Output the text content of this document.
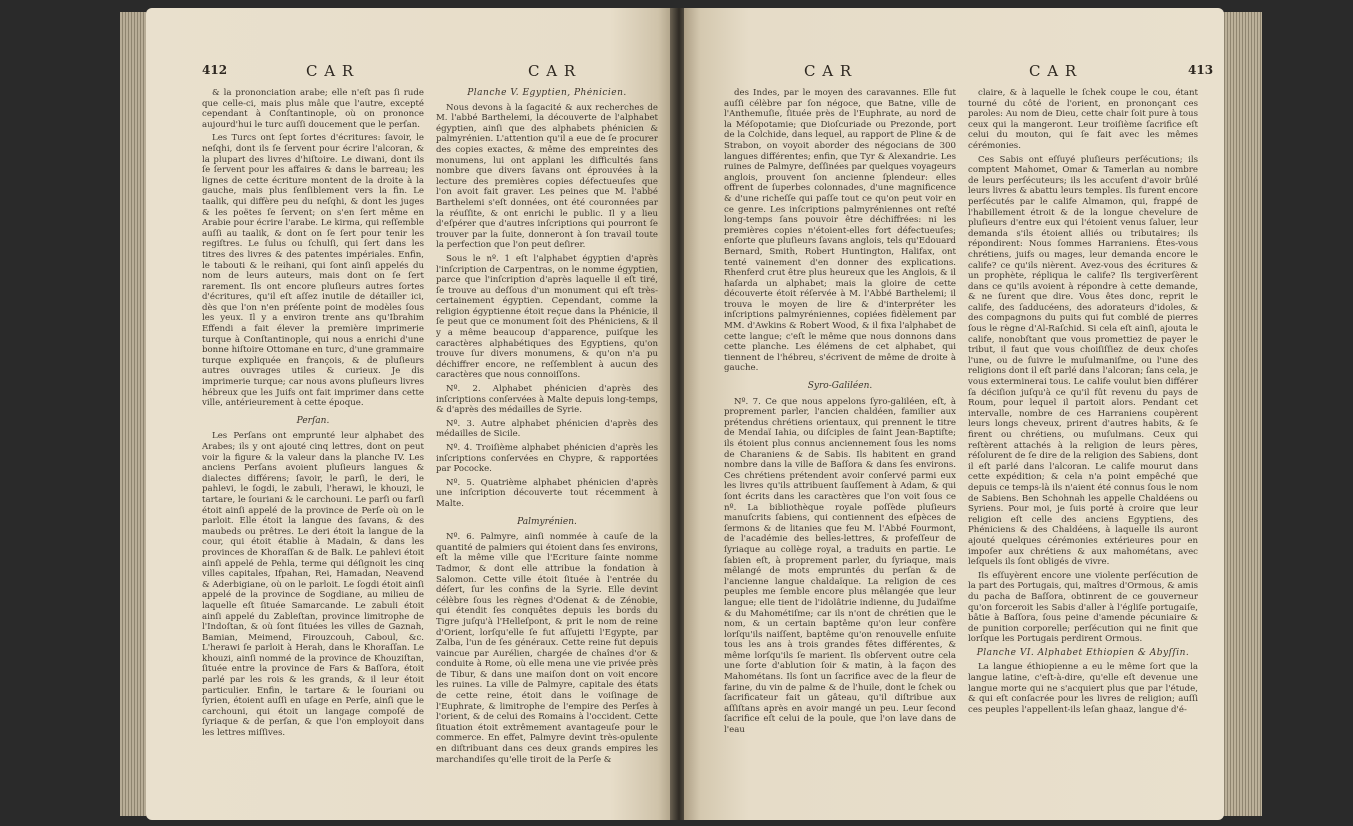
412	C A R	C A R

& la prononciation arabe; elle n'eſt pas ſi rude que celle-ci, mais plus mâle que l'autre, excepté cependant à Conſtantinople, où on prononce aujourd'hui le turc auſſi doucement que le perſan.

Les Turcs ont ſept ſortes d'écritures: ſavoir, le neſqhi, dont ils ſe ſervent pour écrire l'alcoran, & la plupart des livres d'hiſtoire. Le diwani, dont ils ſe ſervent pour les affaires & dans le barreau; les lignes de cette écriture montent de la droite à la gauche, mais plus ſenſiblement vers la fin. Le taalik, qui diffère peu du neſqhi, & dont les juges & les poëtes ſe ſervent; on s'en ſert même en Arabie pour écrire l'arabe. Le kirma, qui reſſemble auſſi au taalik, & dont on ſe ſert pour tenir les regiſtres. Le ſulus ou ſchulſi, qui ſert dans les titres des livres & des patentes impériales. Enfin, le tabouti & le reihani, qui ſont ainſi appelés du nom de leurs auteurs, mais dont on ſe ſert rarement. Ils ont encore pluſieurs autres ſortes d'écritures, qu'il eſt aſſez inutile de détailler ici, dès que l'on n'en préſente point de modèles ſous les yeux. Il y a environ trente ans qu'Ibrahim Effendi a fait élever la première imprimerie turque à Conſtantinople, qui nous a enrichi d'une bonne hiſtoire Ottomane en turc, d'une grammaire turque expliquée en françois, & de pluſieurs autres ouvrages utiles & curieux. Je dis imprimerie turque; car nous avons pluſieurs livres hébreux que les Juifs ont fait imprimer dans cette ville, antérieurement à cette époque.

Perſan.

Les Perſans ont emprunté leur alphabet des Arabes; ils y ont ajouté cinq lettres, dont on peut voir la figure & la valeur dans la planche IV. Les anciens Perſans avoient pluſieurs langues & dialectes différens; ſavoir, le parſi, le deri, le pahlevi, le ſogdi, le zabuli, l'herawi, le khouzi, le tartare, le ſouriani & le carchouni. Le parſi ou farſi étoit ainſi appelé de la province de Perſe où on le parloit. Elle étoit la langue des ſavans, & des maubeds ou prêtres. Le deri étoit la langue de la cour, qui étoit établie à Madain, & dans les provinces de Khoraſſan & de Balk. Le pahlevi étoit ainſi appelé de Pehla, terme qui déſignoit les cinq villes capitales, Ifpahan, Rei, Hamadan, Neavend & Aderbigiane, où on le parloit. Le ſogdi étoit ainſi appelé de la province de Sogdiane, au milieu de laquelle eſt ſituée Samarcande. Le zabuli étoit ainſi appelé du Zableſtan, province limitrophe de l'Indoſtan, & où ſont ſituées les villes de Gaznah, Bamian, Meimend, Firouzcouh, Caboul, &c. L'herawi ſe parloit à Herah, dans le Khoraſſan. Le khouzi, ainſi nommé de la province de Khouziſtan, ſituée entre la province de Fars & Baſſora, étoit parlé par les rois & les grands, & il leur étoit particulier. Enfin, le tartare & le ſouriani ou ſyrien, étoient auſſi en uſage en Perſe, ainſi que le carchouni, qui étoit un langage compoſé de ſyriaque & de perſan, & que l'on employoit dans les lettres miſſives.

Planche V. Egyptien, Phénicien.

Nous devons à la ſagacité & aux recherches de M. l'abbé Barthelemi, la découverte de l'alphabet égyptien, ainſi que des alphabets phénicien & palmyrénien. L'attention qu'il a eue de ſe procurer des copies exactes, & même des empreintes des monumens, lui ont applani les difficultés ſans nombre que divers ſavans ont éprouvées à la lecture des premières copies défectueuſes que l'on avoit fait graver. Les peines que M. l'abbé Barthelemi s'eſt données, ont été couronnées par la réuſſite, & ont enrichi le public. Il y a lieu d'eſpérer que d'autres inſcriptions qui pourront ſe trouver par la ſuite, donneront à ſon travail toute la perfection que l'on peut deſirer.

Sous le nº. 1 eſt l'alphabet égyptien d'après l'inſcription de Carpentras, on le nomme égyptien, parce que l'inſcription d'après laquelle il eſt tiré, ſe trouve au deſſous d'un monument qui eſt très-certainement égyptien. Cependant, comme la religion égyptienne étoit reçue dans la Phénicie, il ſe peut que ce monument ſoit des Phéniciens, & il y a même beaucoup d'apparence, puiſque les caractères alphabétiques des Egyptiens, qu'on trouve ſur divers monumens, & qu'on n'a pu déchiffrer encore, ne reſſemblent à aucun des caractères que nous connoiſſons.

Nº. 2. Alphabet phénicien d'après des inſcriptions conſervées à Malte depuis long-temps, & d'après des médailles de Syrie.

Nº. 3. Autre alphabet phénicien d'après des médailles de Sicile.

Nº. 4. Troiſième alphabet phénicien d'après les inſcriptions conſervées en Chypre, & rapportées par Pococke.

Nº. 5. Quatrième alphabet phénicien d'après une inſcription découverte tout récemment à Malte.

Palmyrénien.

Nº. 6. Palmyre, ainſi nommée à cauſe de la quantité de palmiers qui étoient dans ſes environs, eſt la même ville que l'Ecriture ſainte nomme Tadmor, & dont elle attribue la fondation à Salomon. Cette ville étoit ſituée à l'entrée du déſert, ſur les confins de la Syrie. Elle devint célèbre ſous les règnes d'Odenat & de Zénobie, qui étendit ſes conquêtes depuis les bords du Tigre juſqu'à l'Helleſpont, & prit le nom de reine d'Orient, lorſqu'elle ſe fut aſſujetti l'Egypte, par Zalba, l'un de ſes généraux. Cette reine fut depuis vaincue par Aurélien, chargée de chaînes d'or & conduite à Rome, où elle mena une vie privée près de Tibur, & dans une maiſon dont on voit encore les ruines. La ville de Palmyre, capitale des états de cette reine, étoit dans le voiſinage de l'Euphrate, & limitrophe de l'empire des Perſes à l'orient, & de celui des Romains à l'occident. Cette ſituation étoit extrêmement avantageuſe pour le commerce. En effet, Palmyre devint très-opulente en diſtribuant dans ces deux grands empires les marchandiſes qu'elle tiroit de la Perſe &

C A R	C A R	413

des Indes, par le moyen des caravannes. Elle fut auſſi célèbre par ſon négoce, que Batne, ville de l'Anthemuſie, ſituée près de l'Euphrate, au nord de la Méſopotamie; que Dioſcuriade ou Prezonde, port de la Colchide, dans lequel, au rapport de Pline & de Strabon, on voyoit aborder des négocians de 300 langues différentes; enfin, que Tyr & Alexandrie. Les ruines de Palmyre, deſſinées par quelques voyageurs anglois, prouvent ſon ancienne ſplendeur: elles offrent de ſuperbes colonnades, d'une magnificence & d'une richeſſe qui paſſe tout ce qu'on peut voir en ce genre. Les inſcriptions palmyréniennes ont reſté long-temps ſans pouvoir être déchiffrées: ni les premières copies n'étoient-elles fort défectueuſes; enſorte que pluſieurs ſavans anglois, tels qu'Edouard Bernard, Smith, Robert Huntington, Halifax, ont tenté vainement d'en donner des explications. Rhenferd crut être plus heureux que les Anglois, & il haſarda un alphabet; mais la gloire de cette découverte étoit réſervée à M. l'Abbé Barthelemi; il trouva le moyen de lire & d'interpréter les inſcriptions palmyréniennes, copiées fidèlement par MM. d'Awkins & Robert Wood, & il fixa l'alphabet de cette langue; c'eſt le même que nous donnons dans cette planche. Les élémens de cet alphabet, qui tiennent de l'hébreu, s'écrivent de même de droite à gauche.

Syro-Galiléen.

Nº. 7. Ce que nous appelons ſyro-galiléen, eſt, à proprement parler, l'ancien chaldéen, familier aux prétendus chrétiens orientaux, qui prennent le titre de Mendaï Iahia, ou diſciples de ſaint Jean-Baptiſte; ils étoient plus connus anciennement ſous les noms de Charaniens & de Sabis. Ils habitent en grand nombre dans la ville de Baſſora & dans ſes environs. Ces chrétiens prétendent avoir conſervé parmi eux les livres qu'ils attribuent ſauſſement à Adam, & qui ſont écrits dans les caractères que l'on voit ſous ce nº. La bibliothèque royale poſſède pluſieurs manuſcrits ſabiens, qui contiennent des eſpèces de ſermons & de litanies que feu M. l'Abbé Fourmont, de l'académie des belles-lettres, & profeſſeur de ſyriaque au collège royal, a traduits en partie. Le ſabien eſt, à proprement parler, du ſyriaque, mais mêlangé de mots empruntés du perſan & de l'ancienne langue chaldaïque. La religion de ces peuples me ſemble encore plus mêlangée que leur langue; elle tient de l'idolâtrie indienne, du Judaïſme & du Mahométiſme; car ils n'ont de chrétien que le nom, & un certain baptême qu'on leur confère lorſqu'ils naiſſent, baptême qu'on renouvelle enſuite tous les ans à trois grandes fêtes différentes, & même lorſqu'ils ſe marient. Ils obſervent outre cela une ſorte d'ablution ſoir & matin, à la façon des Mahométans. Ils ſont un ſacrifice avec de la fleur de farine, du vin de palme & de l'huile, dont le ſchek ou ſacrificateur fait un gâteau, qu'il diſtribue aux aſſiſtans après en avoir mangé un peu. Leur ſecond ſacrifice eſt celui de la poule, que l'on lave dans de l'eau

claire, & à laquelle le ſchek coupe le cou, étant tourné du côté de l'orient, en prononçant ces paroles: Au nom de Dieu, cette chair ſoit pure à tous ceux qui la mangeront. Leur troiſième ſacrifice eſt celui du mouton, qui ſe fait avec les mêmes cérémonies.

Ces Sabis ont eſſuyé pluſieurs perſécutions; ils comptent Mahomet, Omar & Tamerlan au nombre de leurs perſécuteurs; ils les accuſent d'avoir brûlé leurs livres & abattu leurs temples. Ils furent encore perſécutés par le calife Almamon, qui, frappé de l'habillement étroit & de la longue chevelure de pluſieurs d'entre eux qui l'étoient venus ſaluer, leur demanda s'ils étoient alliés ou tributaires; ils répondirent: Nous ſommes Harraniens. Êtes-vous chrétiens, juifs ou mages, leur demanda encore le calife? ce qu'ils nièrent. Avez-vous des écritures & un prophète, répliqua le calife? Ils tergiverſèrent dans ce qu'ils avoient à répondre à cette demande, & ne ſurent que dire. Vous êtes donc, reprit le calife, des ſadducéens, des adorateurs d'idoles, & des compagnons du puits qui fut comblé de pierres ſous le règne d'Al-Raſchid. Si cela eſt ainſi, ajouta le calife, nonobſtant que vous promettiez de payer le tribut, il faut que vous choiſiſſiez de deux choſes l'une, ou de ſuivre le muſulmaniſme, ou l'une des religions dont il eſt parlé dans l'alcoran; ſans cela, je vous exterminerai tous. Le calife voulut bien différer ſa déciſion juſqu'à ce qu'il fût revenu du pays de Roum, pour lequel il partoit alors. Pendant cet intervalle, nombre de ces Harraniens coupèrent leurs longs cheveux, prirent d'autres habits, & ſe firent ou chrétiens, ou muſulmans. Ceux qui reſtèrent attachés à la religion de leurs pères, réſolurent de ſe dire de la religion des Sabiens, dont il eſt parlé dans l'alcoran. Le calife mourut dans cette expédition; & cela n'a point empêché que depuis ce temps-là ils n'aient été connus ſous le nom de Sabiens. Ben Schohnah les appelle Chaldéens ou Syriens. Pour moi, je ſuis porté à croire que leur religion eſt celle des anciens Egyptiens, des Phéniciens & des Chaldéens, à laquelle ils auront ajouté quelques cérémonies extérieures pour en impoſer aux chrétiens & aux mahométans, avec leſquels ils ſont obligés de vivre.

Ils eſſuyèrent encore une violente perſécution de la part des Portugais, qui, maîtres d'Ormous, & amis du pacha de Baſſora, obtinrent de ce gouverneur qu'on forceroit les Sabis d'aller à l'égliſe portugaiſe, bâtie à Baſſora, ſous peine d'amende pécuniaire & de punition corporelle; perſécution qui ne finit que lorſque les Portugais perdirent Ormous.

Planche VI. Alphabet Ethiopien & Abyſſin.

La langue éthiopienne a eu le même ſort que la langue latine, c'eſt-à-dire, qu'elle eſt devenue une langue morte qui ne s'acquiert plus que par l'étude, & qui eſt conſacrée pour les livres de religion; auſſi ces peuples l'appellent-ils leſan ghaaz, langue d'é-
